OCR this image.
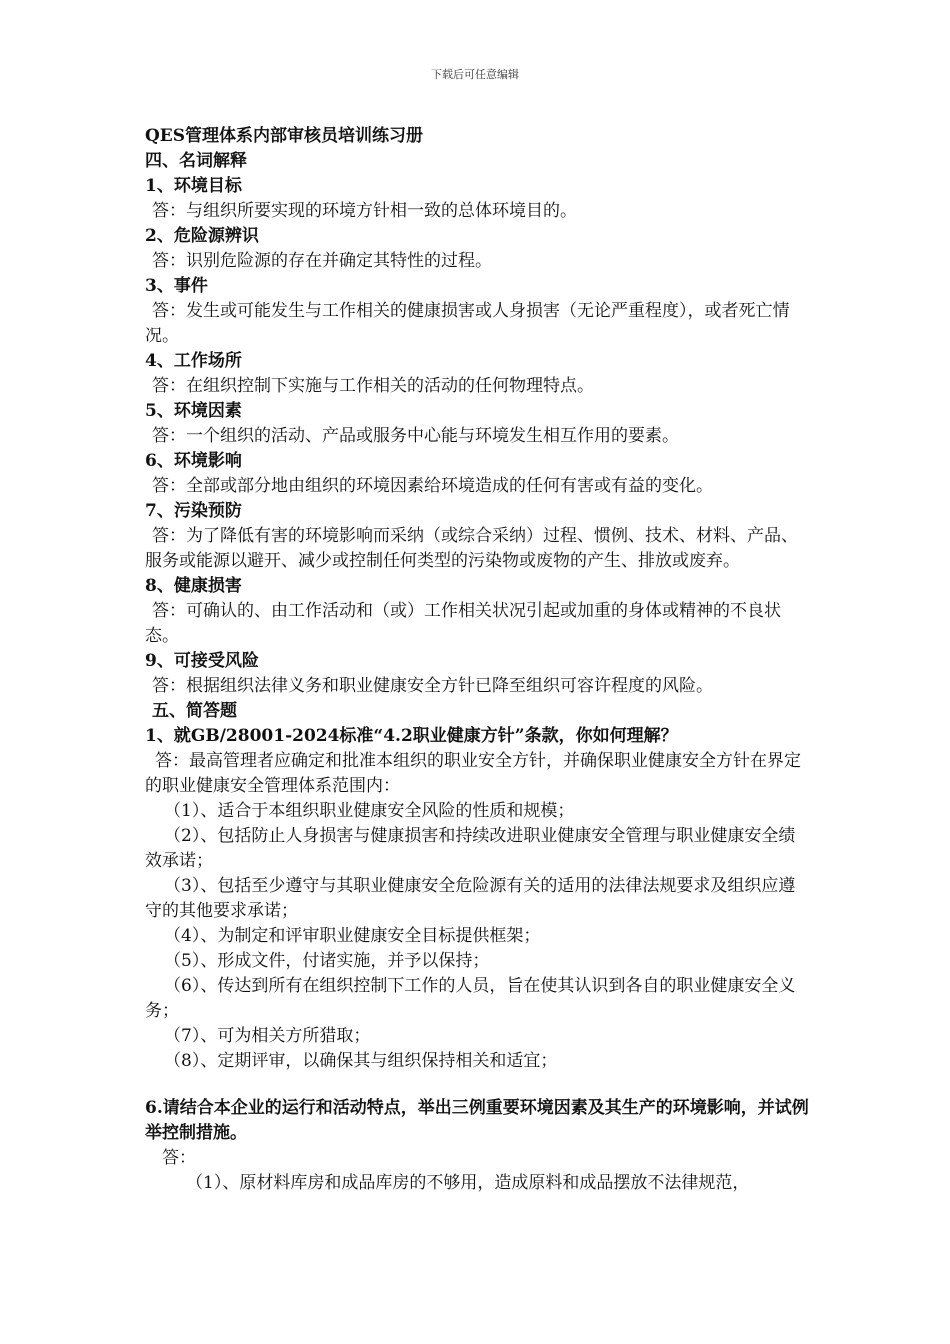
下载后可任意编辑

QES管理体系内部审核员培训练习册

四、名词解释

1、环境目标

答：与组织所要实现的环境方针相一致的总体环境目的。

2、危险源辨识

答：识别危险源的存在并确定其特性的过程。

3、事件

答：发生或可能发生与工作相关的健康损害或人身损害（无论严重程度），或者死亡情况。

4、工作场所

答：在组织控制下实施与工作相关的活动的任何物理特点。

5、环境因素

答：一个组织的活动、产品或服务中心能与环境发生相互作用的要素。

6、环境影响

答：全部或部分地由组织的环境因素给环境造成的任何有害或有益的变化。

7、污染预防

答：为了降低有害的环境影响而采纳（或综合采纳）过程、惯例、技术、材料、产品、服务或能源以避开、减少或控制任何类型的污染物或废物的产生、排放或废弃。

8、健康损害

答：可确认的、由工作活动和（或）工作相关状况引起或加重的身体或精神的不良状态。

9、可接受风险

答：根据组织法律义务和职业健康安全方针已降至组织可容许程度的风险。

五、简答题

1、就GB/28001-2024标准“4.2职业健康方针”条款，你如何理解？

答：最高管理者应确定和批准本组织的职业安全方针，并确保职业健康安全方针在界定的职业健康安全管理体系范围内：

（1）、适合于本组织职业健康安全风险的性质和规模；

（2）、包括防止人身损害与健康损害和持续改进职业健康安全管理与职业健康安全绩效承诺；

（3）、包括至少遵守与其职业健康安全危险源有关的适用的法律法规要求及组织应遵守的其他要求承诺；

（4）、为制定和评审职业健康安全目标提供框架；

（5）、形成文件，付诸实施，并予以保持；

（6）、传达到所有在组织控制下工作的人员，旨在使其认识到各自的职业健康安全义务；

（7）、可为相关方所猎取；

（8）、定期评审，以确保其与组织保持相关和适宜；

6.请结合本企业的运行和活动特点，举出三例重要环境因素及其生产的环境影响，并试例举控制措施。

答：

（1）、原材料库房和成品库房的不够用，造成原料和成品摆放不法律规范，
